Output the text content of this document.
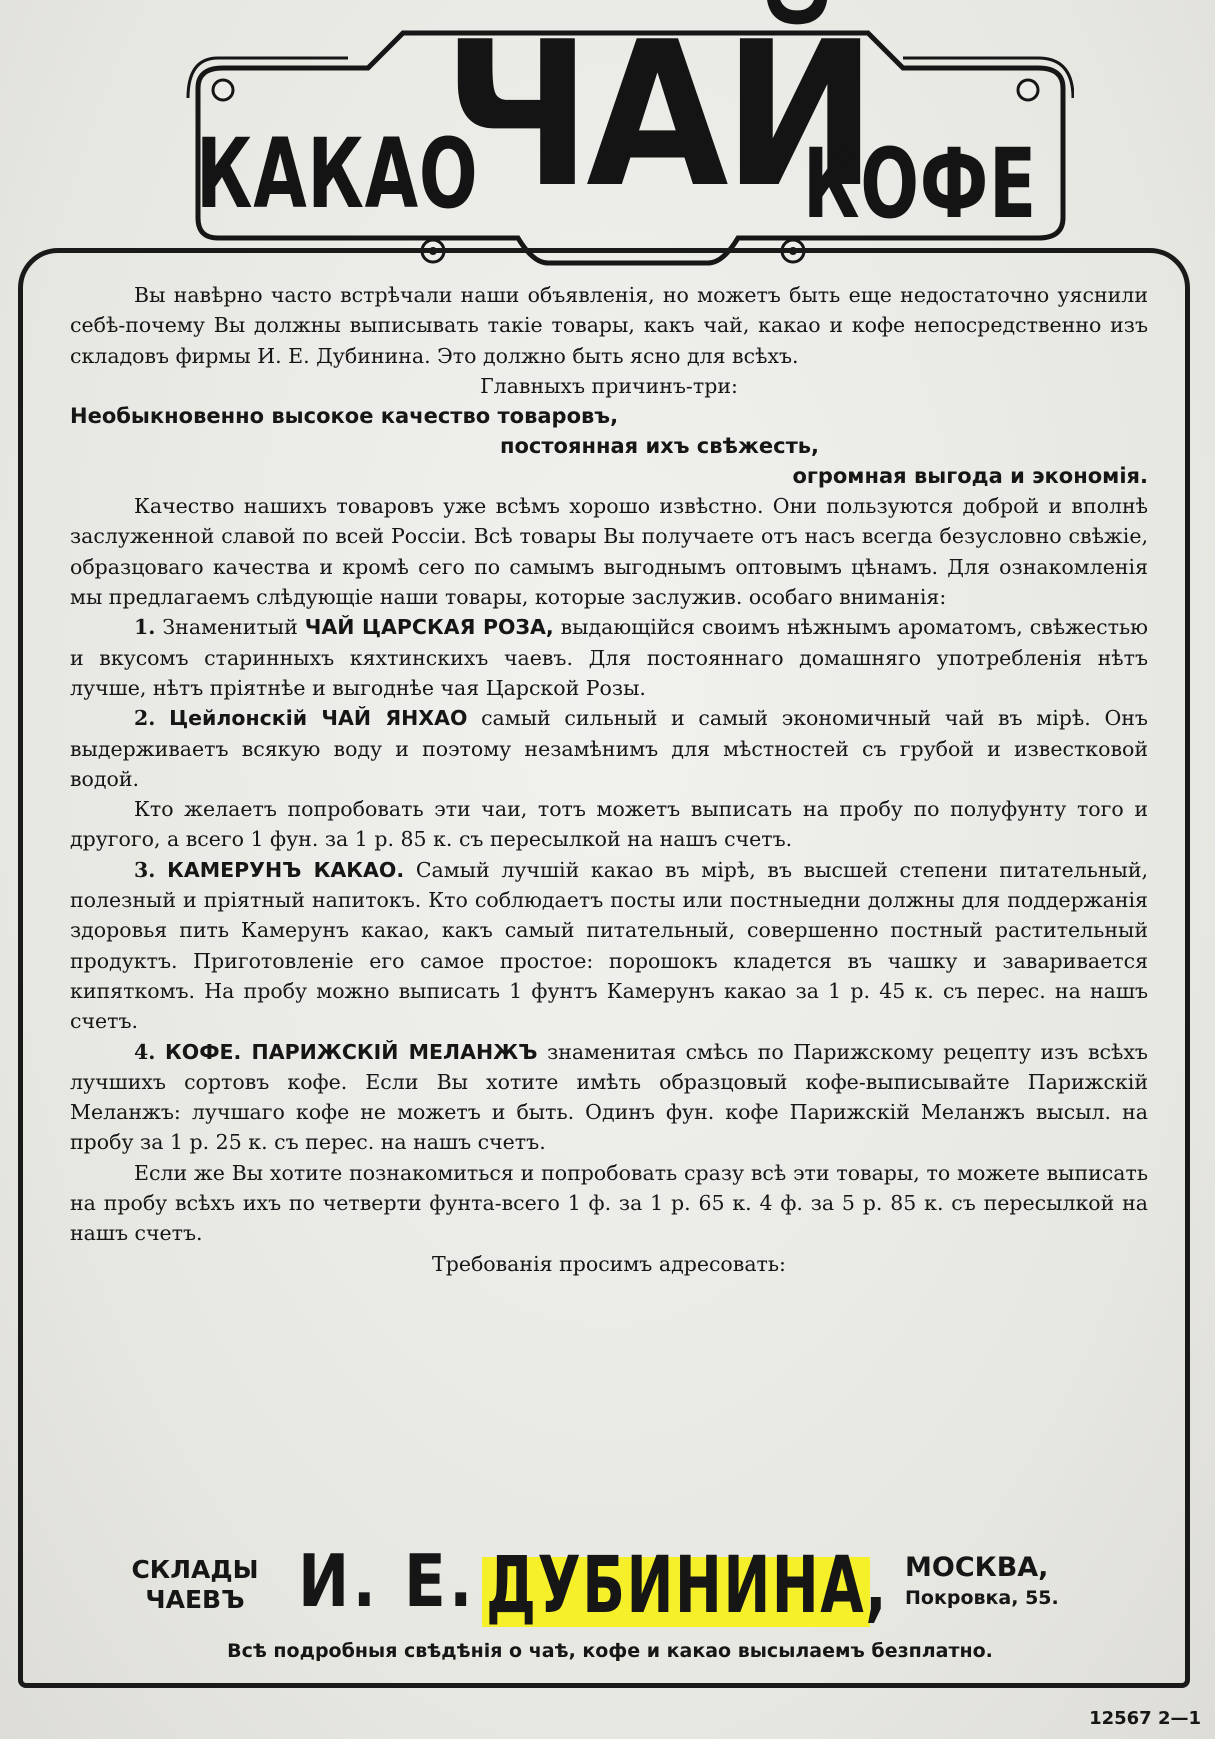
КАКАО
ЧАЙ
КОФЕ

Вы навѣрно часто встрѣчали наши объявленія, но можетъ быть еще недостаточно уяснили себѣ-почему Вы должны выписывать такіе товары, какъ чай, какао и кофе непосредственно изъ складовъ фирмы И. Е. Дубинина. Это должно быть ясно для всѣхъ.

Главныхъ причинъ-три:

Необыкновенно высокое качество товаровъ,

постоянная ихъ свѣжесть,

огромная выгода и экономія.

Качество нашихъ товаровъ уже всѣмъ хорошо извѣстно. Они пользуются доброй и вполнѣ заслуженной славой по всей Россіи. Всѣ товары Вы получаете отъ насъ всегда безусловно свѣжіе, образцоваго качества и кромѣ сего по самымъ выгоднымъ оптовымъ цѣнамъ. Для ознакомленія мы предлагаемъ слѣдующіе наши товары, которые заслужив. особаго вниманія:

1. Знаменитый ЧАЙ ЦАРСКАЯ РОЗА, выдающійся своимъ нѣжнымъ ароматомъ, свѣжестью и вкусомъ старинныхъ кяхтинскихъ чаевъ. Для постояннаго домашняго употребленія нѣтъ лучше, нѣтъ пріятнѣе и выгоднѣе чая Царской Розы.

2. Цейлонскій ЧАЙ ЯНХАО самый сильный и самый экономичный чай въ мірѣ. Онъ выдерживаетъ всякую воду и поэтому незамѣнимъ для мѣстностей съ грубой и известковой водой.

Кто желаетъ попробовать эти чаи, тотъ можетъ выписать на пробу по полуфунту того и другого, а всего 1 фун. за 1 р. 85 к. съ пересылкой на нашъ счетъ.

3. КАМЕРУНЪ КАКАО. Самый лучшій какао въ мірѣ, въ высшей степени питательный, полезный и пріятный напитокъ. Кто соблюдаетъ посты или постныедни должны для поддержанія здоровья пить Камерунъ какао, какъ самый питательный, совершенно постный растительный продуктъ. Приготовленіе его самое простое: порошокъ кладется въ чашку и заваривается кипяткомъ. На пробу можно выписать 1 фунтъ Камерунъ какао за 1 р. 45 к. съ перес. на нашъ счетъ.

4. КОФЕ. ПАРИЖСКІЙ МЕЛАНЖЪ знаменитая смѣсь по Парижскому рецепту изъ всѣхъ лучшихъ сортовъ кофе. Если Вы хотите имѣть образцовый кофе-выписывайте Парижскій Меланжъ: лучшаго кофе не можетъ и быть. Одинъ фун. кофе Парижскій Меланжъ высыл. на пробу за 1 р. 25 к. съ перес. на нашъ счетъ.

Если же Вы хотите познакомиться и попробовать сразу всѣ эти товары, то можете выписать на пробу всѣхъ ихъ по четверти фунта-всего 1 ф. за 1 р. 65 к. 4 ф. за 5 р. 85 к. съ пересылкой на нашъ счетъ.

Требованія просимъ адресовать:

СКЛАДЫ
ЧАЕВЪ И. Е. ДУБИНИНА, МОСКВА,
Покровка, 55.
Всѣ подробныя свѣдѣнія о чаѣ, кофе и какао высылаемъ безплатно.
12567 2—1
